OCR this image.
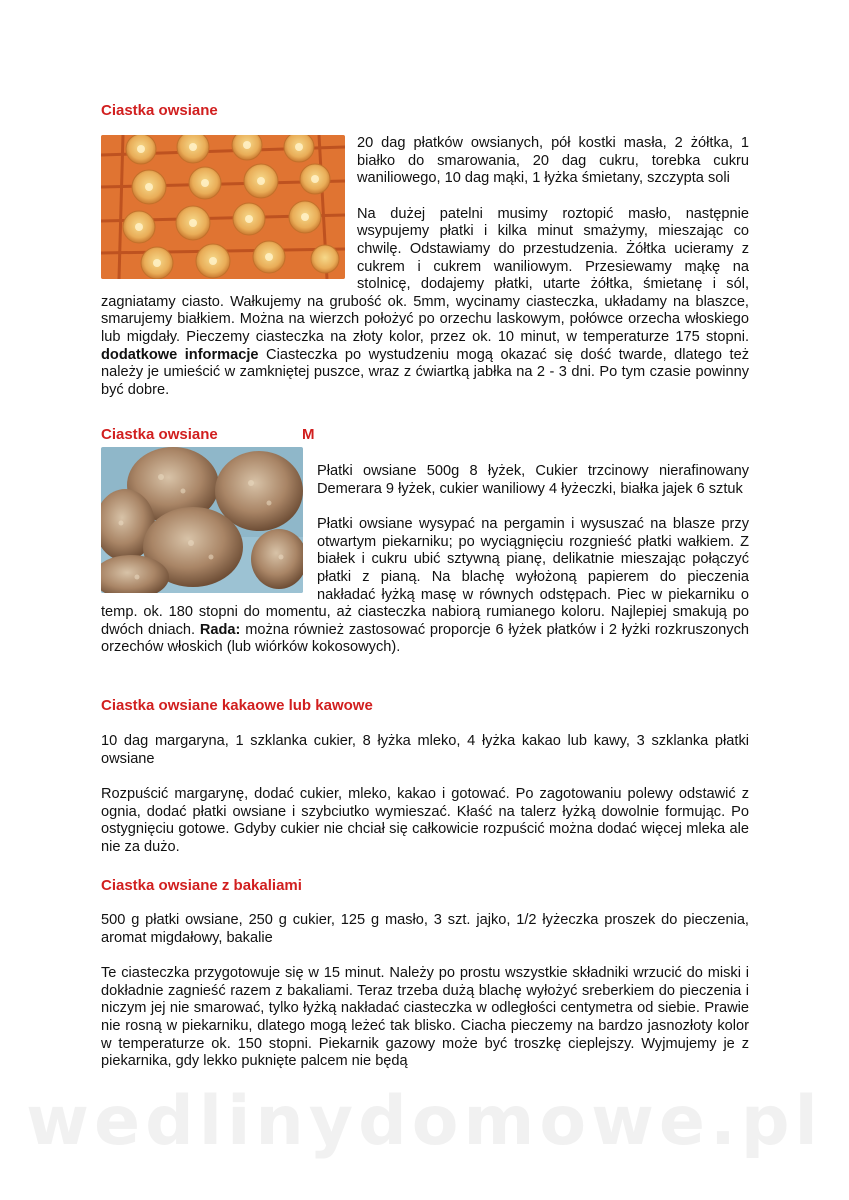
Ciastka owsiane

20 dag płatków owsianych, pół kostki masła, 2 żółtka, 1 białko do smarowania, 20 dag cukru, torebka cukru waniliowego, 10 dag mąki, 1 łyżka śmietany, szczypta soli

Na dużej patelni musimy roztopić masło, następnie wsypujemy płatki i kilka minut smażymy, mieszając co chwilę. Odstawiamy do przestudzenia. Żółtka ucieramy z cukrem i cukrem waniliowym. Przesiewamy mąkę na stolnicę, dodajemy płatki, utarte żółtka, śmietanę i sól, zagniatamy ciasto. Wałkujemy na grubość ok. 5mm, wycinamy ciasteczka, układamy na blaszce, smarujemy białkiem. Można na wierzch położyć po orzechu laskowym, połówce orzecha włoskiego lub migdały. Pieczemy ciasteczka na złoty kolor, przez ok. 10 minut, w temperaturze 175 stopni. dodatkowe informacje Ciasteczka po wystudzeniu mogą okazać się dość twarde, dlatego też należy je umieścić w zamkniętej puszce, wraz z ćwiartką jabłka na 2 - 3 dni. Po tym czasie powinny być dobre.

Ciastka owsiane	M

Płatki owsiane 500g 8 łyżek, Cukier trzcinowy nierafinowany Demerara 9 łyżek, cukier waniliowy 4 łyżeczki, białka jajek 6 sztuk

Płatki owsiane wysypać na pergamin i wysuszać na blasze przy otwartym piekarniku; po wyciągnięciu rozgnieść płatki wałkiem. Z białek i cukru ubić sztywną pianę, delikatnie mieszając połączyć płatki z pianą. Na blachę wyłożoną papierem do pieczenia nakładać łyżką masę w równych odstępach. Piec w piekarniku o temp. ok. 180 stopni do momentu, aż ciasteczka nabiorą rumianego koloru. Najlepiej smakują po dwóch dniach. Rada: można również zastosować proporcje 6 łyżek płatków i 2 łyżki rozkruszonych orzechów włoskich (lub wiórków kokosowych).

Ciastka owsiane kakaowe lub kawowe

10 dag margaryna, 1 szklanka cukier, 8 łyżka mleko, 4 łyżka kakao lub kawy, 3 szklanka płatki owsiane

Rozpuścić margarynę, dodać cukier, mleko, kakao i gotować. Po zagotowaniu polewy odstawić z ognia, dodać płatki owsiane i szybciutko wymieszać. Kłaść na talerz łyżką dowolnie formując. Po ostygnięciu gotowe. Gdyby cukier nie chciał się całkowicie rozpuścić można dodać więcej mleka ale nie za dużo.

Ciastka owsiane z bakaliami

500 g płatki owsiane, 250 g cukier, 125 g masło, 3 szt. jajko, 1/2 łyżeczka proszek do pieczenia, aromat migdałowy, bakalie

Te ciasteczka przygotowuje się w 15 minut. Należy po prostu wszystkie składniki wrzucić do miski i dokładnie zagnieść razem z bakaliami. Teraz trzeba dużą blachę wyłożyć sreberkiem do pieczenia i niczym jej nie smarować, tylko łyżką nakładać ciasteczka w odległości centymetra od siebie. Prawie nie rosną w piekarniku, dlatego mogą leżeć tak blisko. Ciacha pieczemy na bardzo jasnozłoty kolor w temperaturze ok. 150 stopni. Piekarnik gazowy może być troszkę cieplejszy. Wyjmujemy je z piekarnika, gdy lekko puknięte palcem nie będą

wedlinydomowe.pl
